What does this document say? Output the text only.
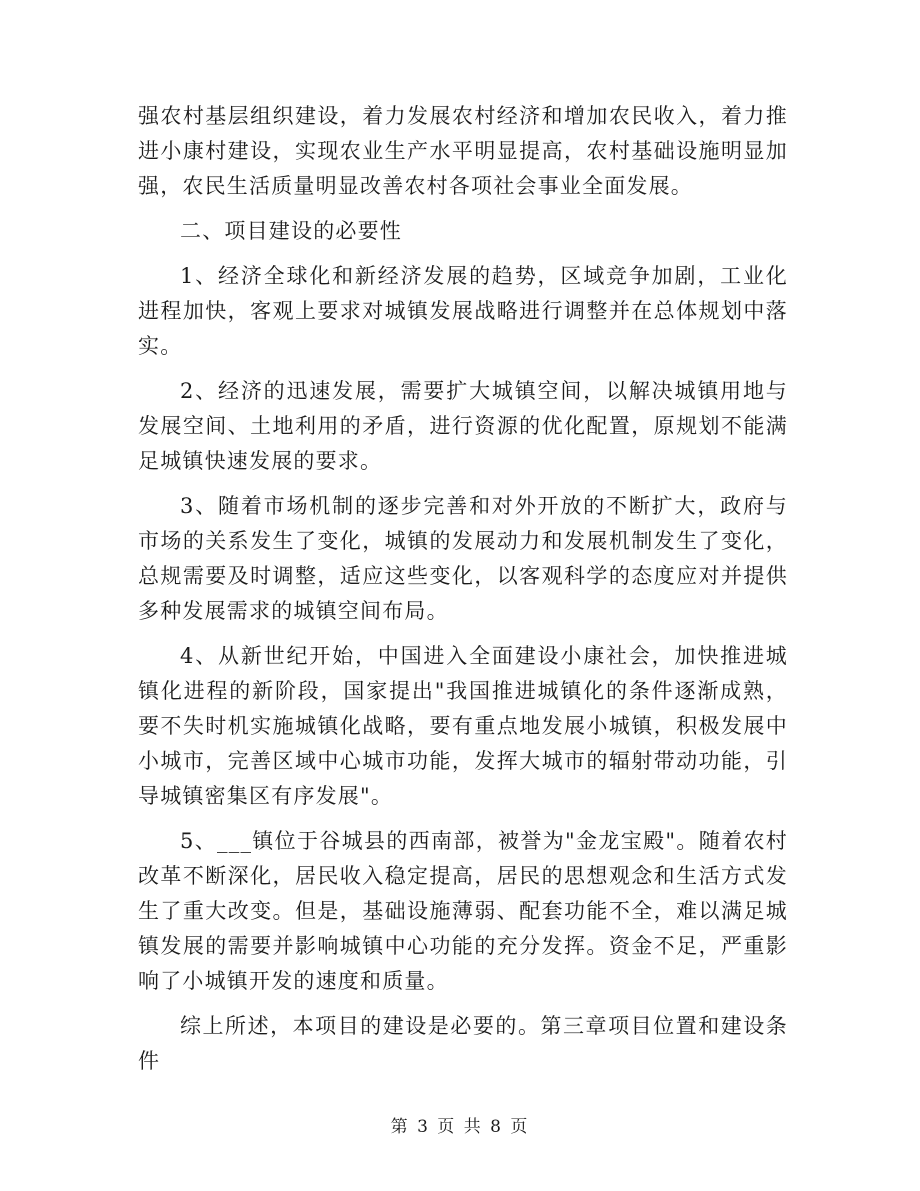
强农村基层组织建设，着力发展农村经济和增加农民收入，着力推进小康村建设，实现农业生产水平明显提高，农村基础设施明显加强，农民生活质量明显改善农村各项社会事业全面发展。

二、项目建设的必要性

1、经济全球化和新经济发展的趋势，区域竞争加剧，工业化进程加快，客观上要求对城镇发展战略进行调整并在总体规划中落实。

2、经济的迅速发展，需要扩大城镇空间，以解决城镇用地与发展空间、土地利用的矛盾，进行资源的优化配置，原规划不能满足城镇快速发展的要求。

3、随着市场机制的逐步完善和对外开放的不断扩大，政府与市场的关系发生了变化，城镇的发展动力和发展机制发生了变化，总规需要及时调整，适应这些变化，以客观科学的态度应对并提供多种发展需求的城镇空间布局。

4、从新世纪开始，中国进入全面建设小康社会，加快推进城镇化进程的新阶段，国家提出"我国推进城镇化的条件逐渐成熟，要不失时机实施城镇化战略，要有重点地发展小城镇，积极发展中小城市，完善区域中心城市功能，发挥大城市的辐射带动功能，引导城镇密集区有序发展"。

5、___镇位于谷城县的西南部，被誉为"金龙宝殿"。随着农村改革不断深化，居民收入稳定提高，居民的思想观念和生活方式发生了重大改变。但是，基础设施薄弱、配套功能不全，难以满足城镇发展的需要并影响城镇中心功能的充分发挥。资金不足，严重影响了小城镇开发的速度和质量。

综上所述，本项目的建设是必要的。第三章项目位置和建设条件

第 3 页 共 8 页
